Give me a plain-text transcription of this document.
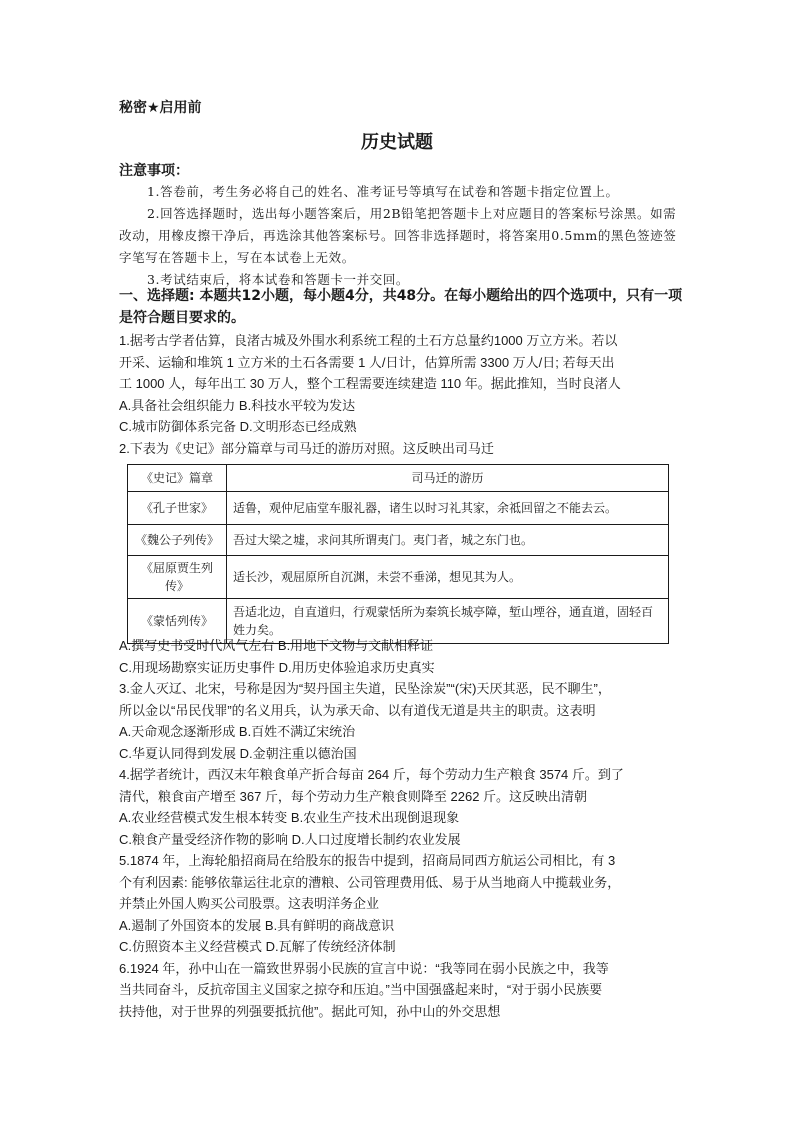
秘密★启用前
历史试题
注意事项：

1.答卷前，考生务必将自己的姓名、准考证号等填写在试卷和答题卡指定位置上。

2.回答选择题时，选出每小题答案后，用2B铅笔把答题卡上对应题目的答案标号涂黑。如需改动，用橡皮擦干净后，再选涂其他答案标号。回答非选择题时，将答案用0.5mm的黑色签迹签字笔写在答题卡上，写在本试卷上无效。

3.考试结束后，将本试卷和答题卡一并交回。

一、选择题: 本题共12小题，每小题4分，共48分。在每小题给出的四个选项中，只有一项是符合题目要求的。
1.据考古学者估算，良渚古城及外围水利系统工程的土石方总量约1000 万立方米。若以
开采、运输和堆筑 1 立方米的土石各需要 1 人/日计，估算所需 3300 万人/日; 若每天出
工 1000 人，每年出工 30 万人，整个工程需要连续建造 110 年。据此推知，当时良渚人
A.具备社会组织能力 B.科技水平较为发达
C.城市防御体系完备 D.文明形态已经成熟
2.下表为《史记》部分篇章与司马迁的游历对照。这反映出司马迁
《史记》篇章	司马迁的游历
《孔子世家》	适鲁，观仲尼庙堂车服礼器，诸生以时习礼其家，余祗回留之不能去云。
《魏公子列传》	吾过大梁之墟，求问其所谓夷门。夷门者，城之东门也。
《屈原贾生列传》	适长沙，观屈原所自沉渊，未尝不垂涕，想见其为人。
《蒙恬列传》	吾适北边，自直道归，行观蒙恬所为秦筑长城亭障，堑山堙谷，通直道，固轻百姓力矣。
A.撰写史书受时代风气左右 B.用地下文物与文献相释证
C.用现场勘察实证历史事件 D.用历史体验追求历史真实
3.金人灭辽、北宋，号称是因为“契丹国主失道，民坠涂炭”“(宋)天厌其恶，民不聊生”，
所以金以“吊民伐罪”的名义用兵，认为承天命、以有道伐无道是共主的职责。这表明
A.天命观念逐渐形成 B.百姓不满辽宋统治
C.华夏认同得到发展 D.金朝注重以德治国
4.据学者统计，西汉末年粮食单产折合每亩 264 斤，每个劳动力生产粮食 3574 斤。到了
清代，粮食亩产增至 367 斤，每个劳动力生产粮食则降至 2262 斤。这反映出清朝
A.农业经营模式发生根本转变 B.农业生产技术出现倒退现象
C.粮食产量受经济作物的影响 D.人口过度增长制约农业发展
5.1874 年，上海轮船招商局在给股东的报告中提到，招商局同西方航运公司相比，有 3
个有利因素: 能够依靠运往北京的漕粮、公司管理费用低、易于从当地商人中揽载业务，
并禁止外国人购买公司股票。这表明洋务企业
A.遏制了外国资本的发展 B.具有鲜明的商战意识
C.仿照资本主义经营模式 D.瓦解了传统经济体制
6.1924 年，孙中山在一篇致世界弱小民族的宣言中说：“我等同在弱小民族之中，我等
当共同奋斗，反抗帝国主义国家之掠夺和压迫。”当中国强盛起来时，“对于弱小民族要
扶持他，对于世界的列强要抵抗他”。据此可知，孙中山的外交思想
